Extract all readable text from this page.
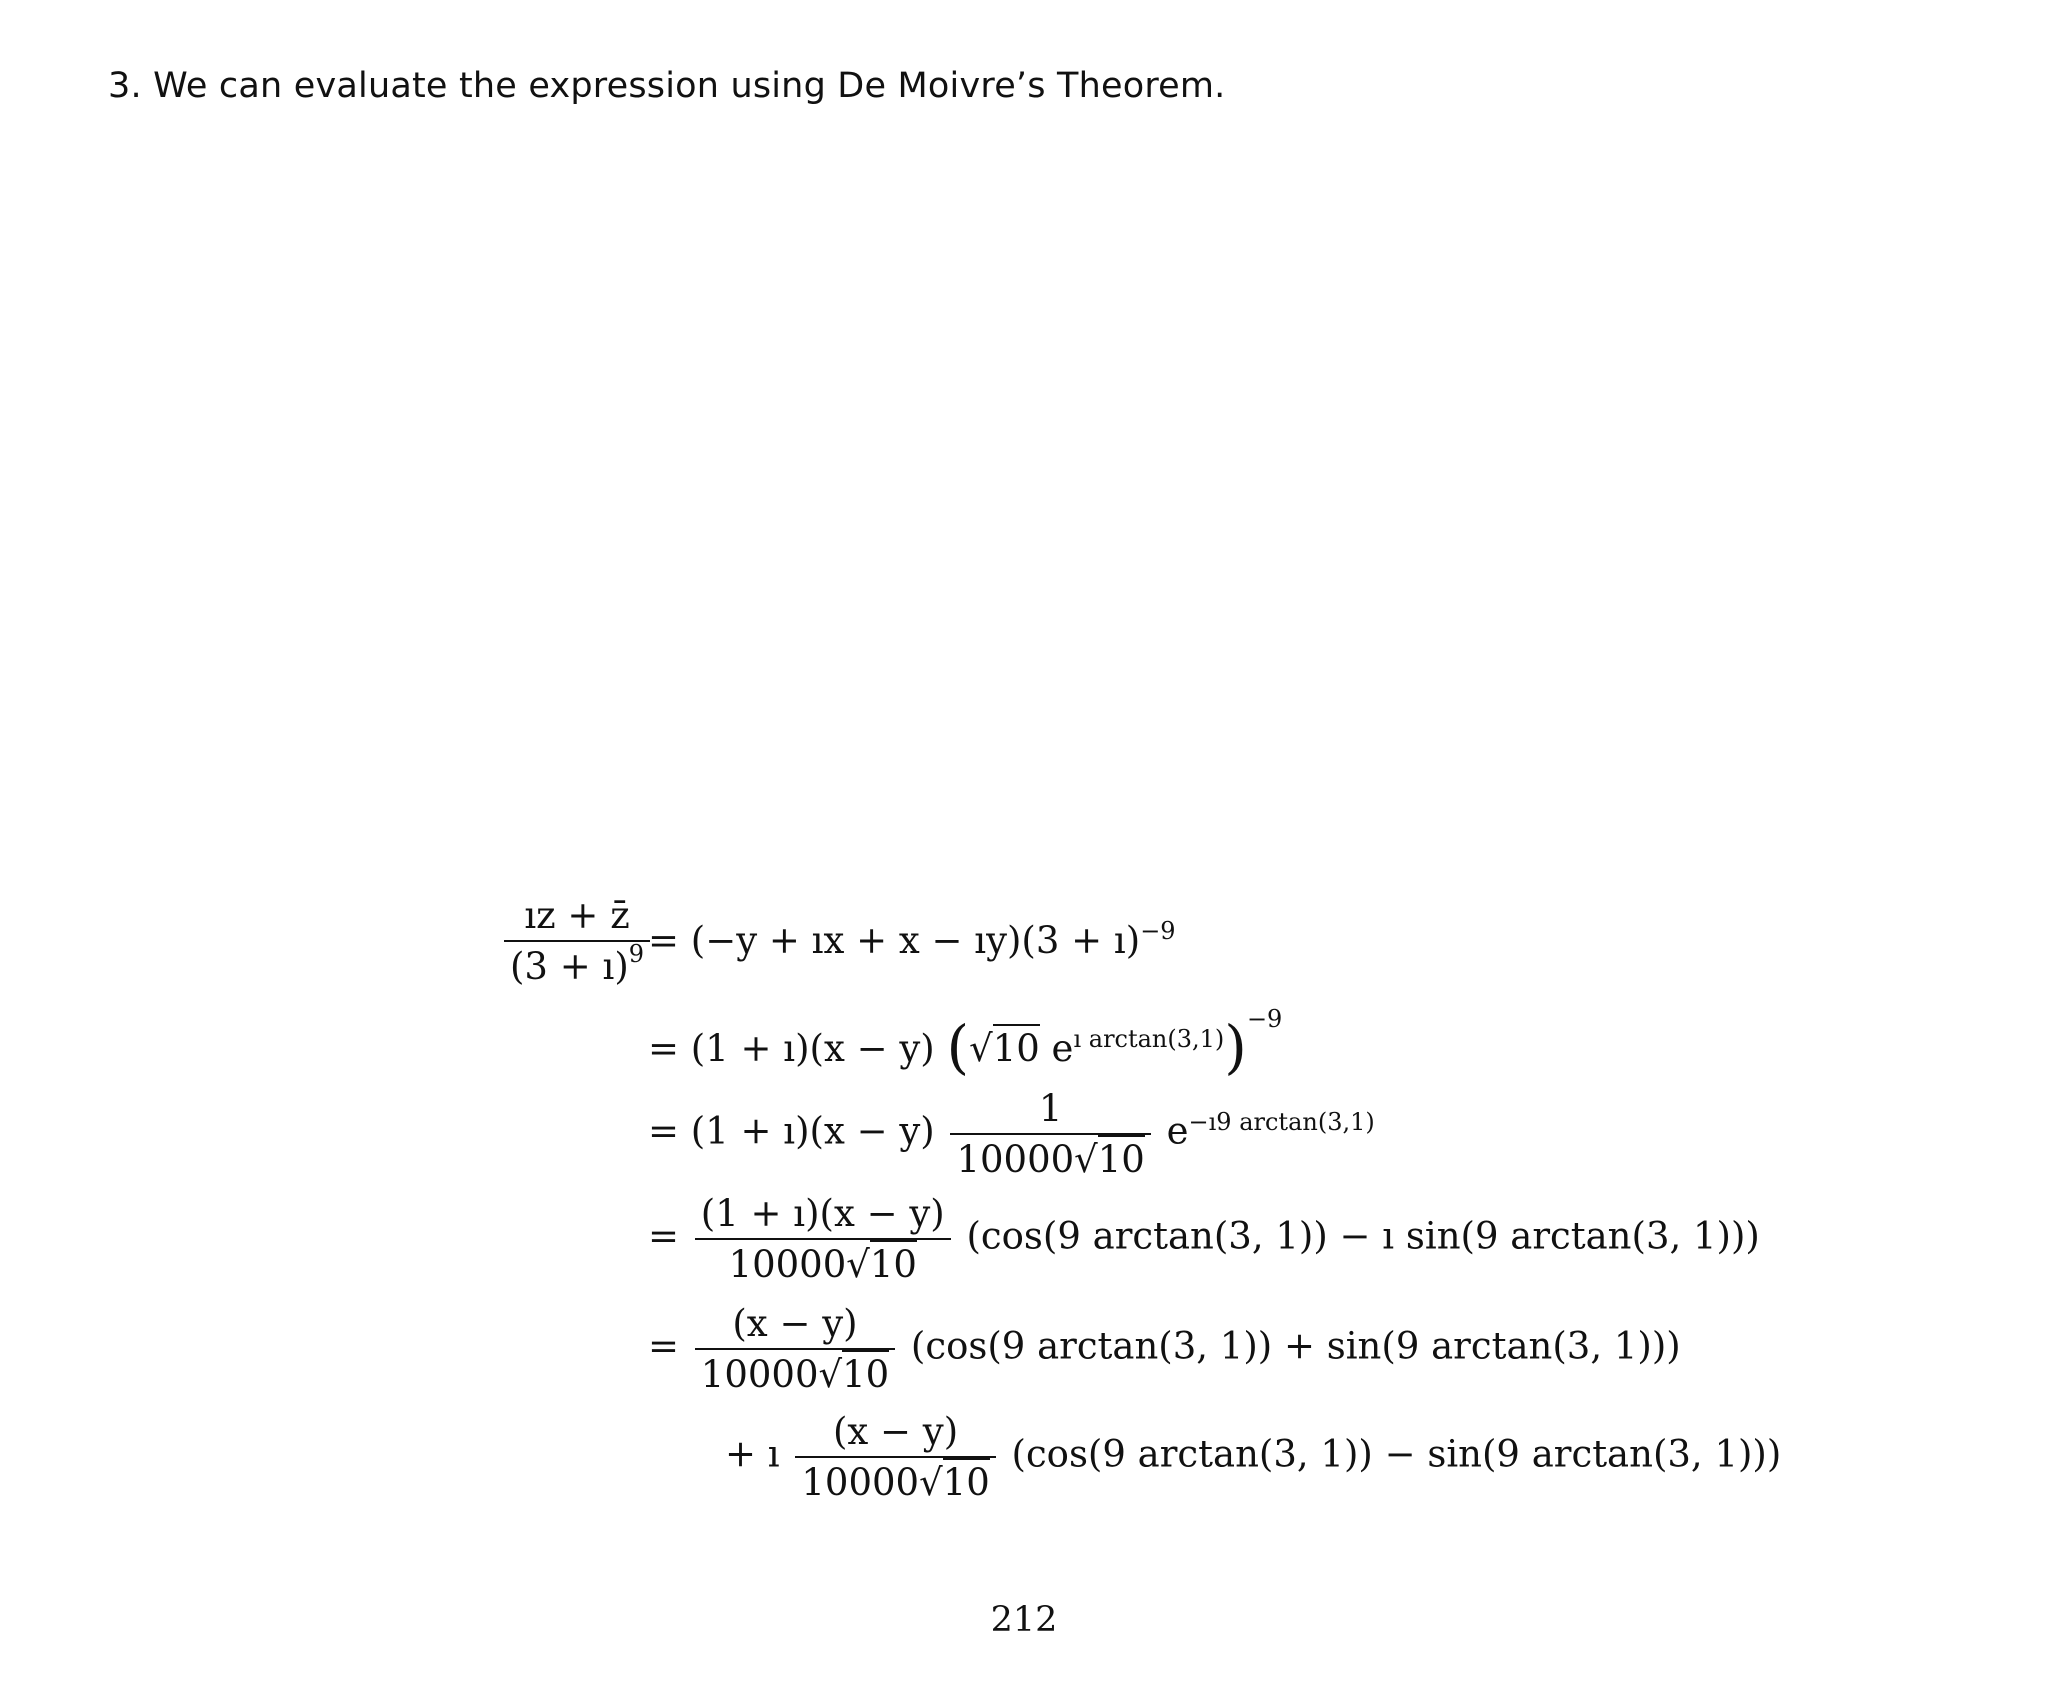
3. We can evaluate the expression using De Moivre’s Theorem.
$\frac{ız + z̄}{(3 + ı)^9}$
= (−y + ıx + x − ıy)(3 + ı)$^{-9}$
= (1 + ı)(x − y) (√10 $e^{ı arctan(3,1)})^{-9}$
= (1 + ı)(x − $y) \frac{1}{10000√10} e^{-ı9 arctan(3,1)}$
= $\frac{(1 + ı)(x - y)}{10000√10} (\cos(9$ arctan(3, 1)) − ı sin(9 arctan(3, 1)))
= $\frac{(x - y)}{10000√10} (\cos(9$ arctan(3, 1)) + sin(9 arctan(3, 1)))
+ ı $\frac{(x - y)}{10000√10} (\cos(9$ arctan(3, 1)) − sin(9 arctan(3, 1)))
212
